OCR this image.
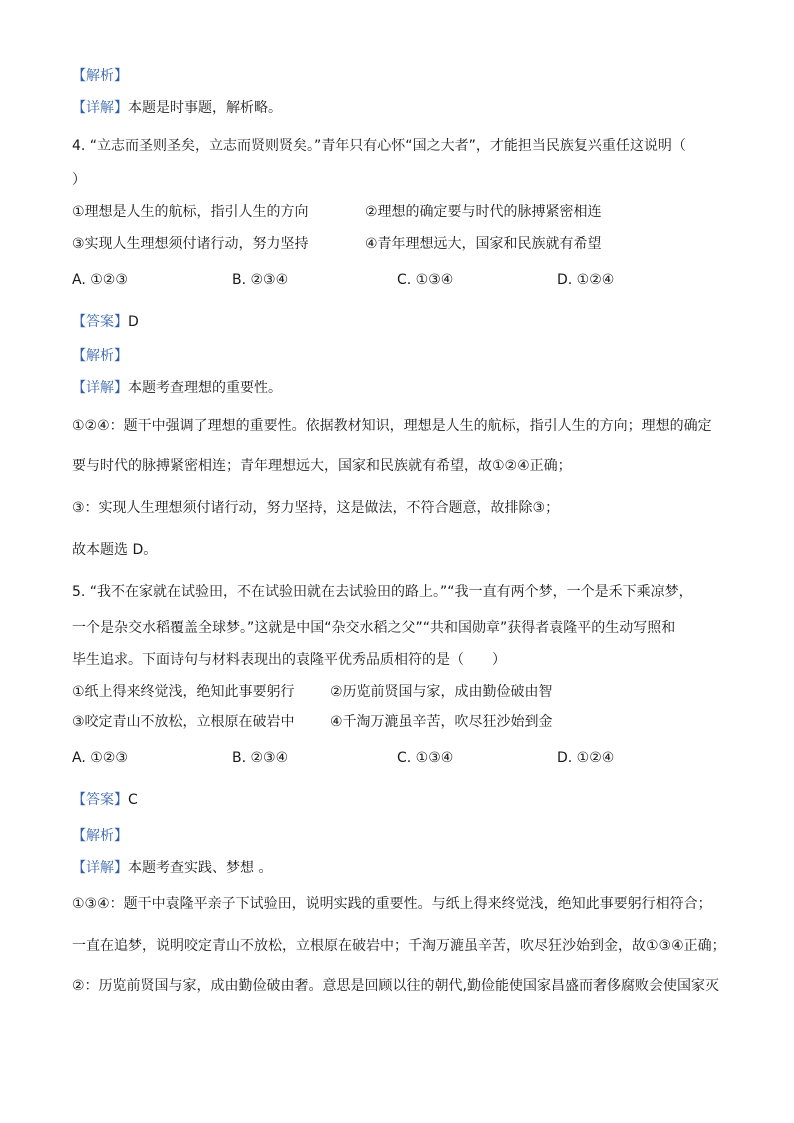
【解析】
【详解】本题是时事题，解析略。
4. “立志而圣则圣矣，立志而贤则贤矣。”青年只有心怀“国之大者”，才能担当民族复兴重任这说明（
）
①理想是人生的航标，指引人生的方向	②理想的确定要与时代的脉搏紧密相连
③实现人生理想须付诸行动，努力坚持	④青年理想远大，国家和民族就有希望
A. ①②③	B. ②③④	C. ①③④	D. ①②④
【答案】D
【解析】
【详解】本题考查理想的重要性。
①②④：题干中强调了理想的重要性。依据教材知识，理想是人生的航标，指引人生的方向；理想的确定
要与时代的脉搏紧密相连；青年理想远大，国家和民族就有希望，故①②④正确；
③：实现人生理想须付诸行动，努力坚持，这是做法，不符合题意，故排除③；
故本题选 D。
5. “我不在家就在试验田，不在试验田就在去试验田的路上。”“我一直有两个梦，一个是禾下乘凉梦，
一个是杂交水稻覆盖全球梦。”这就是中国“杂交水稻之父”“共和国勋章”获得者袁隆平的生动写照和
毕生追求。下面诗句与材料表现出的袁隆平优秀品质相符的是（　　）
①纸上得来终觉浅，绝知此事要躬行	②历览前贤国与家，成由勤俭破由智
③咬定青山不放松，立根原在破岩中	④千淘万漉虽辛苦，吹尽狂沙始到金
A. ①②③	B. ②③④	C. ①③④	D. ①②④
【答案】C
【解析】
【详解】本题考查实践、梦想 。
①③④：题干中袁隆平亲子下试验田，说明实践的重要性。与纸上得来终觉浅，绝知此事要躬行相符合；
一直在追梦，说明咬定青山不放松，立根原在破岩中；千淘万漉虽辛苦，吹尽狂沙始到金，故①③④正确；
②：历览前贤国与家，成由勤俭破由奢。意思是回顾以往的朝代,勤俭能使国家昌盛而奢侈腐败会使国家灭
